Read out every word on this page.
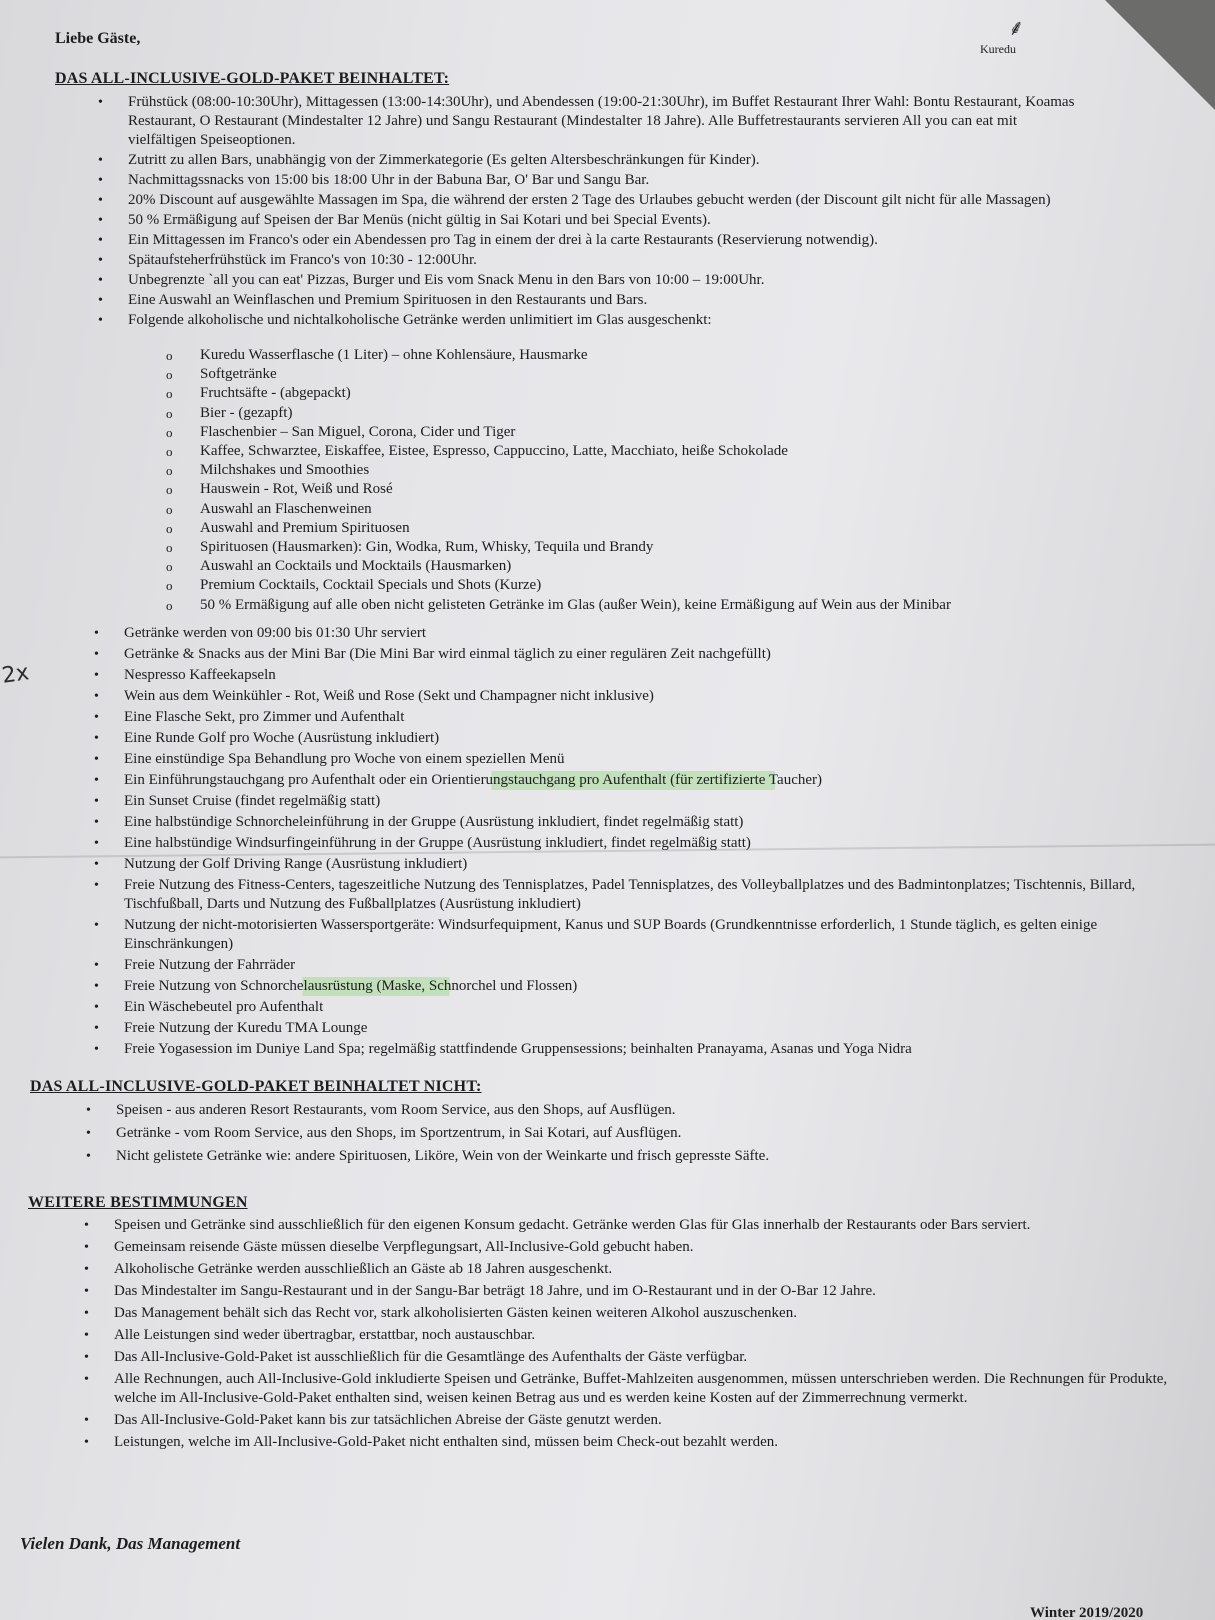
Liebe Gäste,	⸙
Kuredu
2x
DAS ALL-INCLUSIVE-GOLD-PAKET BEINHALTET:
• Frühstück (08:00-10:30Uhr), Mittagessen (13:00-14:30Uhr), und Abendessen (19:00-21:30Uhr), im Buffet Restaurant Ihrer Wahl: Bontu Restaurant, Koamas Restaurant, O Restaurant (Mindestalter 12 Jahre) und Sangu Restaurant (Mindestalter 18 Jahre). Alle Buffetrestaurants servieren All you can eat mit vielfältigen Speiseoptionen.
• Zutritt zu allen Bars, unabhängig von der Zimmerkategorie (Es gelten Altersbeschränkungen für Kinder).
• Nachmittagssnacks von 15:00 bis 18:00 Uhr in der Babuna Bar, O' Bar und Sangu Bar.
• 20% Discount auf ausgewählte Massagen im Spa, die während der ersten 2 Tage des Urlaubes gebucht werden (der Discount gilt nicht für alle Massagen)
• 50 % Ermäßigung auf Speisen der Bar Menüs (nicht gültig in Sai Kotari und bei Special Events).
• Ein Mittagessen im Franco's oder ein Abendessen pro Tag in einem der drei à la carte Restaurants (Reservierung notwendig).
• Spätaufsteherfrühstück im Franco's von 10:30 - 12:00Uhr.
• Unbegrenzte `all you can eat' Pizzas, Burger und Eis vom Snack Menu in den Bars von 10:00 – 19:00Uhr.
• Eine Auswahl an Weinflaschen und Premium Spirituosen in den Restaurants und Bars.
• Folgende alkoholische und nichtalkoholische Getränke werden unlimitiert im Glas ausgeschenkt:
o Kuredu Wasserflasche (1 Liter) – ohne Kohlensäure, Hausmarke
o Softgetränke
o Fruchtsäfte - (abgepackt)
o Bier - (gezapft)
o Flaschenbier – San Miguel, Corona, Cider und Tiger
o Kaffee, Schwarztee, Eiskaffee, Eistee, Espresso, Cappuccino, Latte, Macchiato, heiße Schokolade
o Milchshakes und Smoothies
o Hauswein - Rot, Weiß und Rosé
o Auswahl an Flaschenweinen
o Auswahl and Premium Spirituosen
o Spirituosen (Hausmarken): Gin, Wodka, Rum, Whisky, Tequila und Brandy
o Auswahl an Cocktails und Mocktails (Hausmarken)
o Premium Cocktails, Cocktail Specials und Shots (Kurze)
o 50 % Ermäßigung auf alle oben nicht gelisteten Getränke im Glas (außer Wein), keine Ermäßigung auf Wein aus der Minibar
• Getränke werden von 09:00 bis 01:30 Uhr serviert
• Getränke & Snacks aus der Mini Bar (Die Mini Bar wird einmal täglich zu einer regulären Zeit nachgefüllt)
• Nespresso Kaffeekapseln
• Wein aus dem Weinkühler - Rot, Weiß und Rose (Sekt und Champagner nicht inklusive)
• Eine Flasche Sekt, pro Zimmer und Aufenthalt
• Eine Runde Golf pro Woche (Ausrüstung inkludiert)
• Eine einstündige Spa Behandlung pro Woche von einem speziellen Menü
• Ein Einführungstauchgang pro Aufenthalt oder ein Orientierungstauchgang pro Aufenthalt (für zertifizierte Taucher)
• Ein Sunset Cruise (findet regelmäßig statt)
• Eine halbstündige Schnorcheleinführung in der Gruppe (Ausrüstung inkludiert, findet regelmäßig statt)
• Eine halbstündige Windsurfingeinführung in der Gruppe (Ausrüstung inkludiert, findet regelmäßig statt)
• Nutzung der Golf Driving Range (Ausrüstung inkludiert)
• Freie Nutzung des Fitness-Centers, tageszeitliche Nutzung des Tennisplatzes, Padel Tennisplatzes, des Volleyballplatzes und des Badmintonplatzes; Tischtennis, Billard, Tischfußball, Darts und Nutzung des Fußballplatzes (Ausrüstung inkludiert)
• Nutzung der nicht-motorisierten Wassersportgeräte: Windsurfequipment, Kanus und SUP Boards (Grundkenntnisse erforderlich, 1 Stunde täglich, es gelten einige Einschränkungen)
• Freie Nutzung der Fahrräder
• Freie Nutzung von Schnorchelausrüstung (Maske, Schnorchel und Flossen)
• Ein Wäschebeutel pro Aufenthalt
• Freie Nutzung der Kuredu TMA Lounge
• Freie Yogasession im Duniye Land Spa; regelmäßig stattfindende Gruppensessions; beinhalten Pranayama, Asanas und Yoga Nidra
DAS ALL-INCLUSIVE-GOLD-PAKET BEINHALTET NICHT:
• Speisen - aus anderen Resort Restaurants, vom Room Service, aus den Shops, auf Ausflügen.
• Getränke - vom Room Service, aus den Shops, im Sportzentrum, in Sai Kotari, auf Ausflügen.
• Nicht gelistete Getränke wie: andere Spirituosen, Liköre, Wein von der Weinkarte und frisch gepresste Säfte.
WEITERE BESTIMMUNGEN
• Speisen und Getränke sind ausschließlich für den eigenen Konsum gedacht. Getränke werden Glas für Glas innerhalb der Restaurants oder Bars serviert.
• Gemeinsam reisende Gäste müssen dieselbe Verpflegungsart, All-Inclusive-Gold gebucht haben.
• Alkoholische Getränke werden ausschließlich an Gäste ab 18 Jahren ausgeschenkt.
• Das Mindestalter im Sangu-Restaurant und in der Sangu-Bar beträgt 18 Jahre, und im O-Restaurant und in der O-Bar 12 Jahre.
• Das Management behält sich das Recht vor, stark alkoholisierten Gästen keinen weiteren Alkohol auszuschenken.
• Alle Leistungen sind weder übertragbar, erstattbar, noch austauschbar.
• Das All-Inclusive-Gold-Paket ist ausschließlich für die Gesamtlänge des Aufenthalts der Gäste verfügbar.
• Alle Rechnungen, auch All-Inclusive-Gold inkludierte Speisen und Getränke, Buffet-Mahlzeiten ausgenommen, müssen unterschrieben werden. Die Rechnungen für Produkte, welche im All-Inclusive-Gold-Paket enthalten sind, weisen keinen Betrag aus und es werden keine Kosten auf der Zimmerrechnung vermerkt.
• Das All-Inclusive-Gold-Paket kann bis zur tatsächlichen Abreise der Gäste genutzt werden.
• Leistungen, welche im All-Inclusive-Gold-Paket nicht enthalten sind, müssen beim Check-out bezahlt werden.

Vielen Dank, Das Management

Winter 2019/2020
